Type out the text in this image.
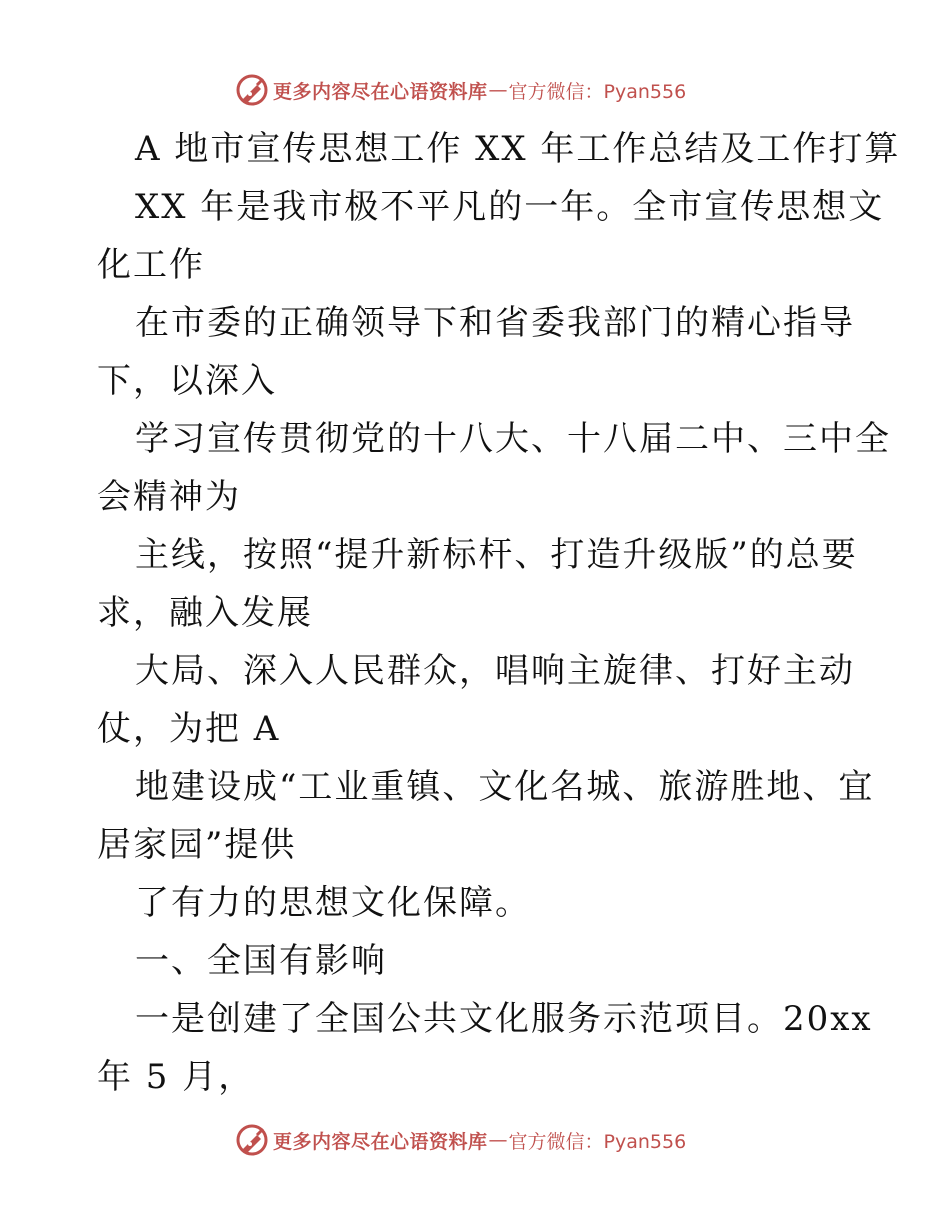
更多内容尽在心语资料库 — 官方微信：Pyan556
A 地市宣传思想工作 XX 年工作总结及工作打算
XX 年是我市极不平凡的一年。全市宣传思想文
化工作
在市委的正确领导下和省委我部门的精心指导
下，以深入
学习宣传贯彻党的十八大、十八届二中、三中全
会精神为
主线，按照“提升新标杆、打造升级版”的总要
求，融入发展
大局、深入人民群众，唱响主旋律、打好主动
仗，为把 A
地建设成“工业重镇、文化名城、旅游胜地、宜
居家园”提供
了有力的思想文化保障。
一、全国有影响
一是创建了全国公共文化服务示范项目。20xx
年 5 月，
更多内容尽在心语资料库 — 官方微信：Pyan556
